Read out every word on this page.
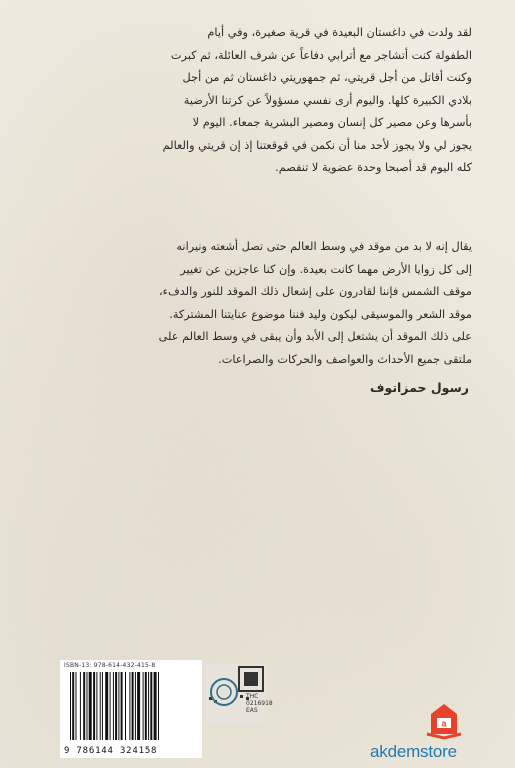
لقد ولدت في داغستان البعيدة في قرية صغيرة، وفي أيام

الطفولة كنت أتشاجر مع أترابي دفاعاً عن شرف العائلة، ثم كبرت

وكنت أقاتل من أجل قريتي، ثم جمهوريتي داغستان ثم من أجل

بلادي الكبيرة كلها. واليوم أرى نفسي مسؤولاً عن كرتنا الأرضية

بأسرها وعن مصير كل إنسان ومصير البشرية جمعاء. اليوم لا

يجوز لي ولا يجوز لأحد منا أن نكمن في قوقعتنا إذ إن قريتي والعالم

كله اليوم قد أصبحا وحدة عضوية لا تنفصم.

يقال إنه لا بد من موقد في وسط العالم حتى تصل أشعته ونيرانه

إلى كل زوايا الأرض مهما كانت بعيدة. وإن كنا عاجزين عن تغيير

موقف الشمس فإننا لقادرون على إشعال ذلك الموقد للنور والدفء،

موقد الشعر والموسيقى ليكون وليد فننا موضوع عنايتنا المشتركة.

على ذلك الموقد أن يشتعل إلى الأبد وأن يبقى في وسط العالم على

ملتقى جميع الأحداث والعواصف والحركات والصراعات.

رسول حمزاتوف
ISBN-13: 978-614-432-415-8
9 786144 324158
THC
0216918
EAS
a
akdemstore
